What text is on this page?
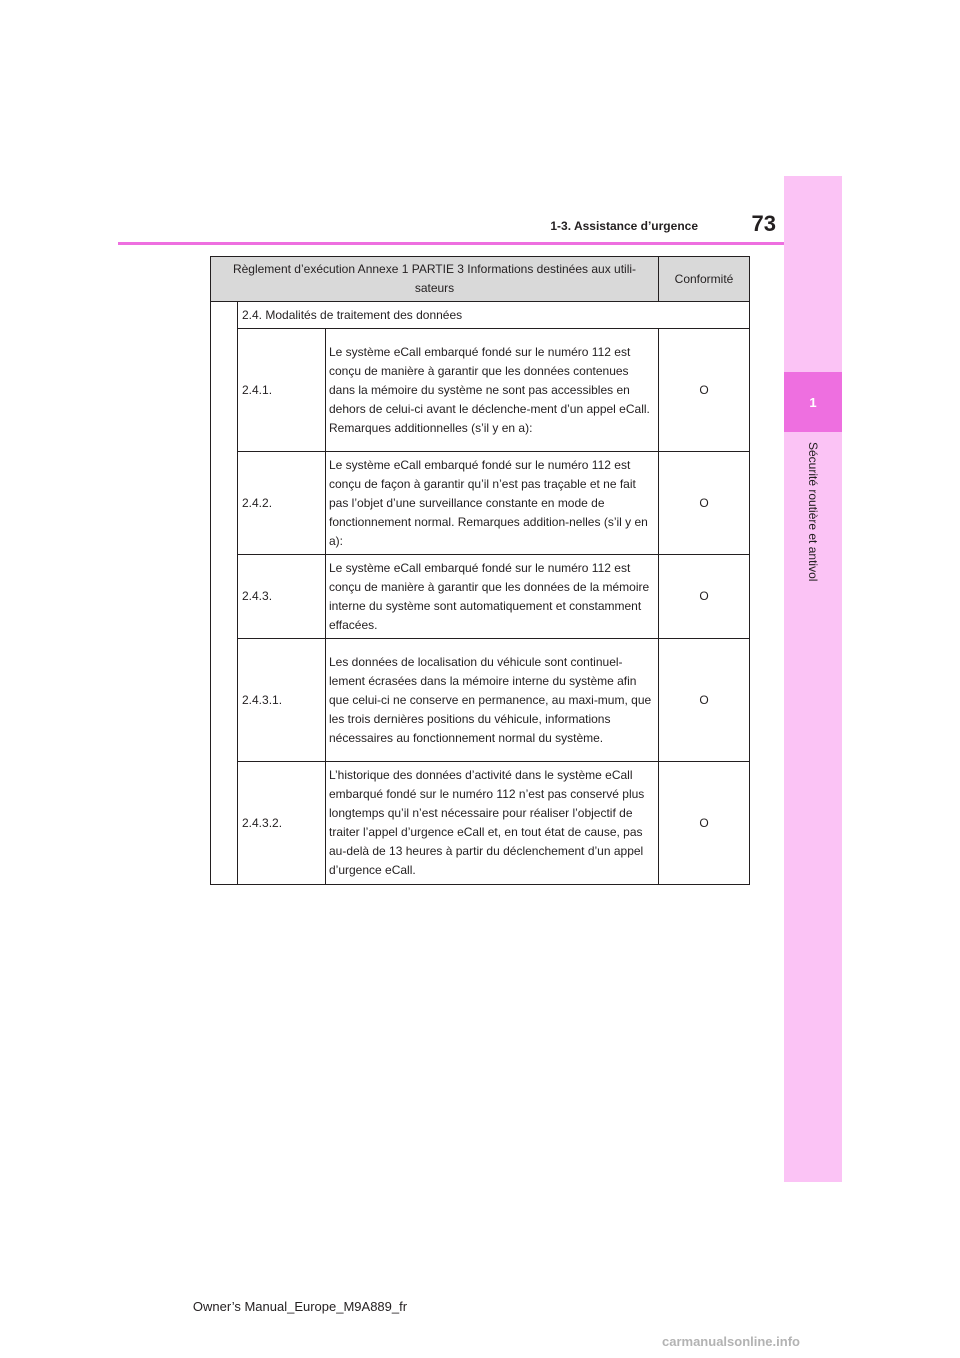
1
Sécurité routière et antivol
73
1-3. Assistance d’urgence
Règlement d’exécution Annexe 1 PARTIE 3 Informations destinées aux utili-sateurs			Conformité
	2.4. Modalités de traitement des données		
	2.4.1.	Le système eCall embarqué fondé sur le numéro 112 est conçu de manière à garantir que les données contenues dans la mémoire du système ne sont pas accessibles en dehors de celui-ci avant le déclenche-ment d’un appel eCall. Remarques additionnelles (s’il y en a):	O
	2.4.2.	Le système eCall embarqué fondé sur le numéro 112 est conçu de façon à garantir qu’il n’est pas traçable et ne fait pas l’objet d’une surveillance constante en mode de fonctionnement normal. Remarques addition-nelles (s’il y en a):	O
	2.4.3.	Le système eCall embarqué fondé sur le numéro 112 est conçu de manière à garantir que les données de la mémoire interne du système sont automatiquement et constamment effacées.	O
	2.4.3.1.	Les données de localisation du véhicule sont continuel-lement écrasées dans la mémoire interne du système afin que celui-ci ne conserve en permanence, au maxi-mum, que les trois dernières positions du véhicule, informations nécessaires au fonctionnement normal du système.	O
	2.4.3.2.	L’historique des données d’activité dans le système eCall embarqué fondé sur le numéro 112 n’est pas conservé plus longtemps qu’il n’est nécessaire pour réaliser l’objectif de traiter l’appel d’urgence eCall et, en tout état de cause, pas au-delà de 13 heures à partir du déclenchement d’un appel d’urgence eCall.	O
Owner’s Manual_Europe_M9A889_fr
carmanualsonline.info
